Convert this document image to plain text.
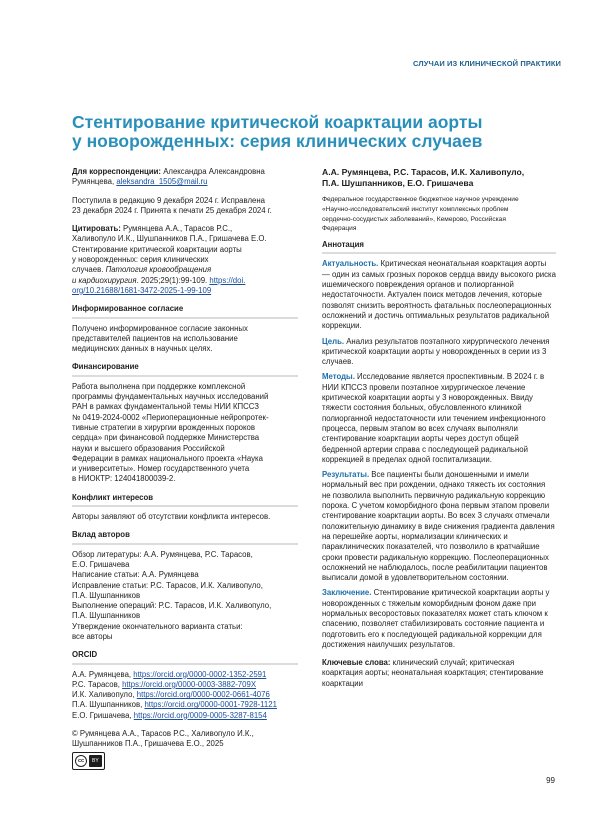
СЛУЧАИ ИЗ КЛИНИЧЕСКОЙ ПРАКТИКИ
Стентирование критической коарктации аорты
у новорожденных: серия клинических случаев
Для корреспонденции: Александра Александровна
Румянцева, aleksandra_1505@mail.ru
Поступила в редакцию 9 декабря 2024 г. Исправлена
23 декабря 2024 г. Принята к печати 25 декабря 2024 г.
Цитировать: Румянцева А.А., Тарасов Р.С.,
Халивопуло И.К., Шушпанников П.А., Гришачева Е.О.
Стентирование критической коарктации аорты
у новорожденных: серия клинических
случаев. Патология кровообращения
и кардиохирургия. 2025;29(1):99-109. https://doi.
org/10.21688/1681-3472-2025-1-99-109
Информированное согласие
Получено информированное согласие законных
представителей пациентов на использование
медицинских данных в научных целях.
Финансирование
Работа выполнена при поддержке комплексной
программы фундаментальных научных исследований
РАН в рамках фундаментальной темы НИИ КПССЗ
№ 0419-2024-0002 «Периоперационные нейропротек-
тивные стратегии в хирургии врожденных пороков
сердца» при финансовой поддержке Министерства
науки и высшего образования Российской
Федерации в рамках национального проекта «Наука
и университеты». Номер государственного учета
в НИОКТР: 124041800039-2.
Конфликт интересов
Авторы заявляют об отсутствии конфликта интересов.
Вклад авторов
Обзор литературы: А.А. Румянцева, Р.С. Тарасов,
Е.О. Гришачева
Написание статьи: А.А. Румянцева
Исправление статьи: Р.С. Тарасов, И.К. Халивопуло,
П.А. Шушпанников
Выполнение операций: Р.С. Тарасов, И.К. Халивопуло,
П.А. Шушпанников
Утверждение окончательного варианта статьи:
все авторы
ORCID
А.А. Румянцева, https://orcid.org/0000-0002-1352-2591
Р.С. Тарасов, https://orcid.org/0000-0003-3882-709X
И.К. Халивопуло, https://orcid.org/0000-0002-0661-4076
П.А. Шушпанников, https://orcid.org/0000-0001-7928-1121
Е.О. Гришачева, https://orcid.org/0009-0005-3287-8154
© Румянцева А.А., Тарасов Р.С., Халивопуло И.К.,
Шушпанников П.А., Гришачева Е.О., 2025
cc	BY
А.А. Румянцева, Р.С. Тарасов, И.К. Халивопуло,
П.А. Шушпанников, Е.О. Гришачева
Федеральное государственное бюджетное научное учреждение
«Научно-исследовательский институт комплексных проблем
сердечно-сосудистых заболеваний», Кемерово, Российская
Федерация
Аннотация

Актуальность. Критическая неонатальная коарктация аорты — один из самых грозных пороков сердца ввиду высокого риска ишемического повреждения органов и полиорганной недостаточности. Актуален поиск методов лечения, которые позволят снизить вероятность фатальных послеоперационных осложнений и достичь оптимальных результатов радикальной коррекции.

Цель. Анализ результатов поэтапного хирургического лечения критической коарктации аорты у новорожденных в серии из 3 случаев.

Методы. Исследование является проспективным. В 2024 г. в НИИ КПССЗ провели поэтапное хирургическое лечение критической коарктации аорты у 3 новорожденных. Ввиду тяжести состояния больных, обусловленного клиникой полиорганной недостаточности или течением инфекционного процесса, первым этапом во всех случаях выполняли стентирование коарктации аорты через доступ общей бедренной артерии справа с последующей радикальной коррекцией в пределах одной госпитализации.

Результаты. Все пациенты были доношенными и имели нормальный вес при рождении, однако тяжесть их состояния не позволила выполнить первичную радикальную коррекцию порока. С учетом коморбидного фона первым этапом провели стентирование коарктации аорты. Во всех 3 случаях отмечали положительную динамику в виде снижения градиента давления на перешейке аорты, нормализации клинических и параклинических показателей, что позволило в кратчайшие сроки провести радикальную коррекцию. Послеоперационных осложнений не наблюдалось, после реабилитации пациентов выписали домой в удовлетворительном состоянии.

Заключение. Стентирование критической коарктации аорты у новорожденных с тяжелым коморбидным фоном даже при нормальных весоростовых показателях может стать ключом к спасению, позволяет стабилизировать состояние пациента и подготовить его к последующей радикальной коррекции для достижения наилучших результатов.

Ключевые слова: клинический случай; критическая коарктация аорты; неонатальная коарктация; стентирование коарктации

99
